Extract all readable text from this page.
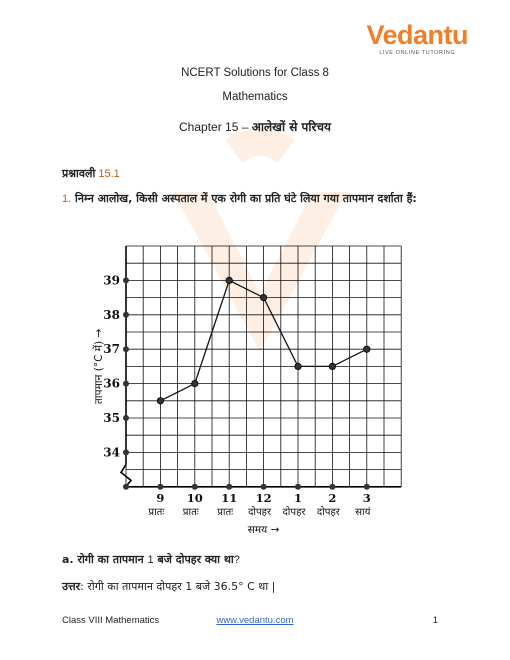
Vedantu
LIVE ONLINE TUTORING
NCERT Solutions for Class 8
Mathematics
Chapter 15 – आलेखों से परिचय
प्रश्नावली 15.1
1. निम्न आलोख, किसी अस्पताल में एक रोगी का प्रति घंटे लिया गया तापमान दर्शाता हैं:
34
35
36
37
38
39
तापमान (°C में) →
9
प्रातः
10
प्रातः
11
प्रातः
12
दोपहर
1
दोपहर
2
दोपहर
3
सायं
समय →
a. रोगी का तापमान 1 बजे दोपहर क्या था?
उत्तर: रोगी का तापमान दोपहर 1 बजे 36.5° C था |
Class VIII Mathematics	www.vedantu.com	1
